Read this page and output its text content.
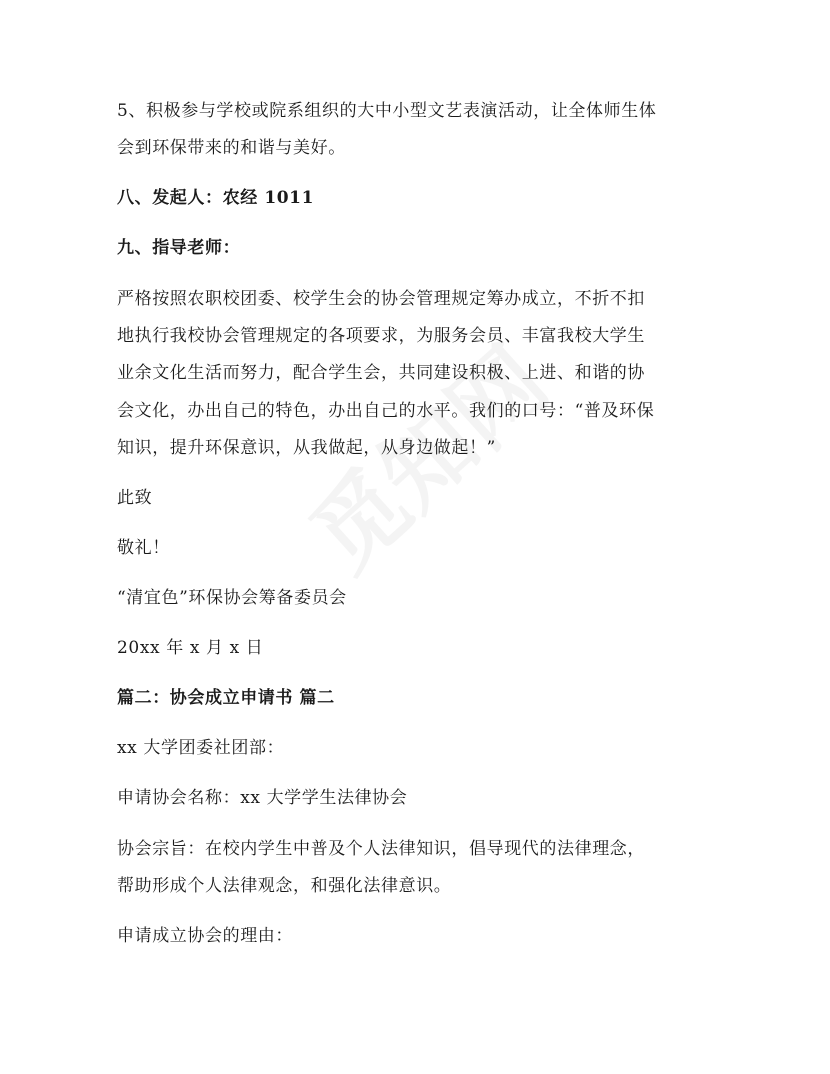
5、积极参与学校或院系组织的大中小型文艺表演活动，让全体师生体
会到环保带来的和谐与美好。
八、发起人：农经 1011
九、指导老师：
严格按照农职校团委、校学生会的协会管理规定筹办成立，不折不扣
地执行我校协会管理规定的各项要求，为服务会员、丰富我校大学生
业余文化生活而努力，配合学生会，共同建设积极、上进、和谐的协
会文化，办出自己的特色，办出自己的水平。我们的口号：“普及环保
知识，提升环保意识，从我做起，从身边做起！”
此致
敬礼！
“清宜色”环保协会筹备委员会
20xx 年 x 月 x 日
篇二：协会成立申请书 篇二
xx 大学团委社团部：
申请协会名称：xx 大学学生法律协会
协会宗旨：在校内学生中普及个人法律知识，倡导现代的法律理念，
帮助形成个人法律观念，和强化法律意识。
申请成立协会的理由：
